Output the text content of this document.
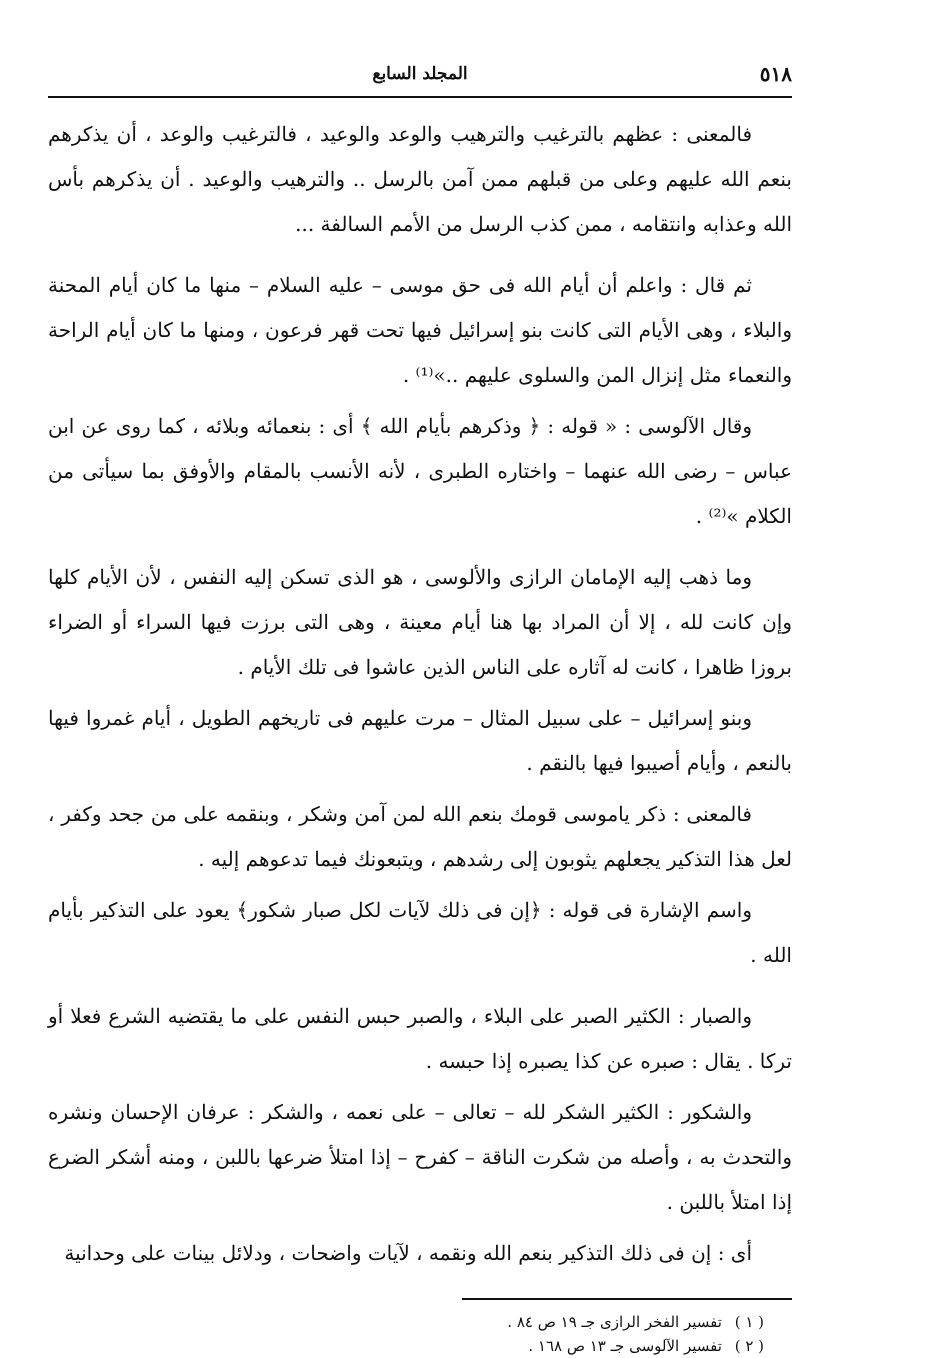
٥١٨
المجلد السابع

فالمعنى : عظهم بالترغيب والترهيب والوعد والوعيد ، فالترغيب والوعد ، أن يذكرهم بنعم الله عليهم وعلى من قبلهم ممن آمن بالرسل .. والترهيب والوعيد . أن يذكرهم بأس الله وعذابه وانتقامه ، ممن كذب الرسل من الأمم السالفة ...

ثم قال : واعلم أن أيام الله فى حق موسى – عليه السلام – منها ما كان أيام المحنة والبلاء ، وهى الأيام التى كانت بنو إسرائيل فيها تحت قهر فرعون ، ومنها ما كان أيام الراحة والنعماء مثل إنزال المن والسلوى عليهم ..»⁽¹⁾ .

وقال الآلوسى : « قوله : ﴿ وذكرهم بأيام الله ﴾ أى : بنعمائه وبلائه ، كما روى عن ابن عباس – رضى الله عنهما – واختاره الطبرى ، لأنه الأنسب بالمقام والأوفق بما سيأتى من الكلام »⁽²⁾ .

وما ذهب إليه الإمامان الرازى والألوسى ، هو الذى تسكن إليه النفس ، لأن الأيام كلها وإن كانت لله ، إلا أن المراد بها هنا أيام معينة ، وهى التى برزت فيها السراء أو الضراء بروزا ظاهرا ، كانت له آثاره على الناس الذين عاشوا فى تلك الأيام .

وبنو إسرائيل – على سبيل المثال – مرت عليهم فى تاريخهم الطويل ، أيام غمروا فيها بالنعم ، وأيام أصيبوا فيها بالنقم .

فالمعنى : ذكر ياموسى قومك بنعم الله لمن آمن وشكر ، وبنقمه على من جحد وكفر ، لعل هذا التذكير يجعلهم يثوبون إلى رشدهم ، ويتبعونك فيما تدعوهم إليه .

واسم الإشارة فى قوله : ﴿إن فى ذلك لآيات لكل صبار شكور﴾ يعود على التذكير بأيام الله .

والصبار : الكثير الصبر على البلاء ، والصبر حبس النفس على ما يقتضيه الشرع فعلا أو تركا . يقال : صبره عن كذا يصبره إذا حبسه .

والشكور : الكثير الشكر لله – تعالى – على نعمه ، والشكر : عرفان الإحسان ونشره والتحدث به ، وأصله من شكرت الناقة – كفرح – إذا امتلأ ضرعها باللبن ، ومنه أشكر الضرع إذا امتلأ باللبن .

أى : إن فى ذلك التذكير بنعم الله ونقمه ، لآيات واضحات ، ودلائل بينات على وحدانية

( ١ ) تفسير الفخر الرازى جـ ١٩ ص ٨٤ .
( ٢ ) تفسير الآلوسى جـ ١٣ ص ١٦٨ .
